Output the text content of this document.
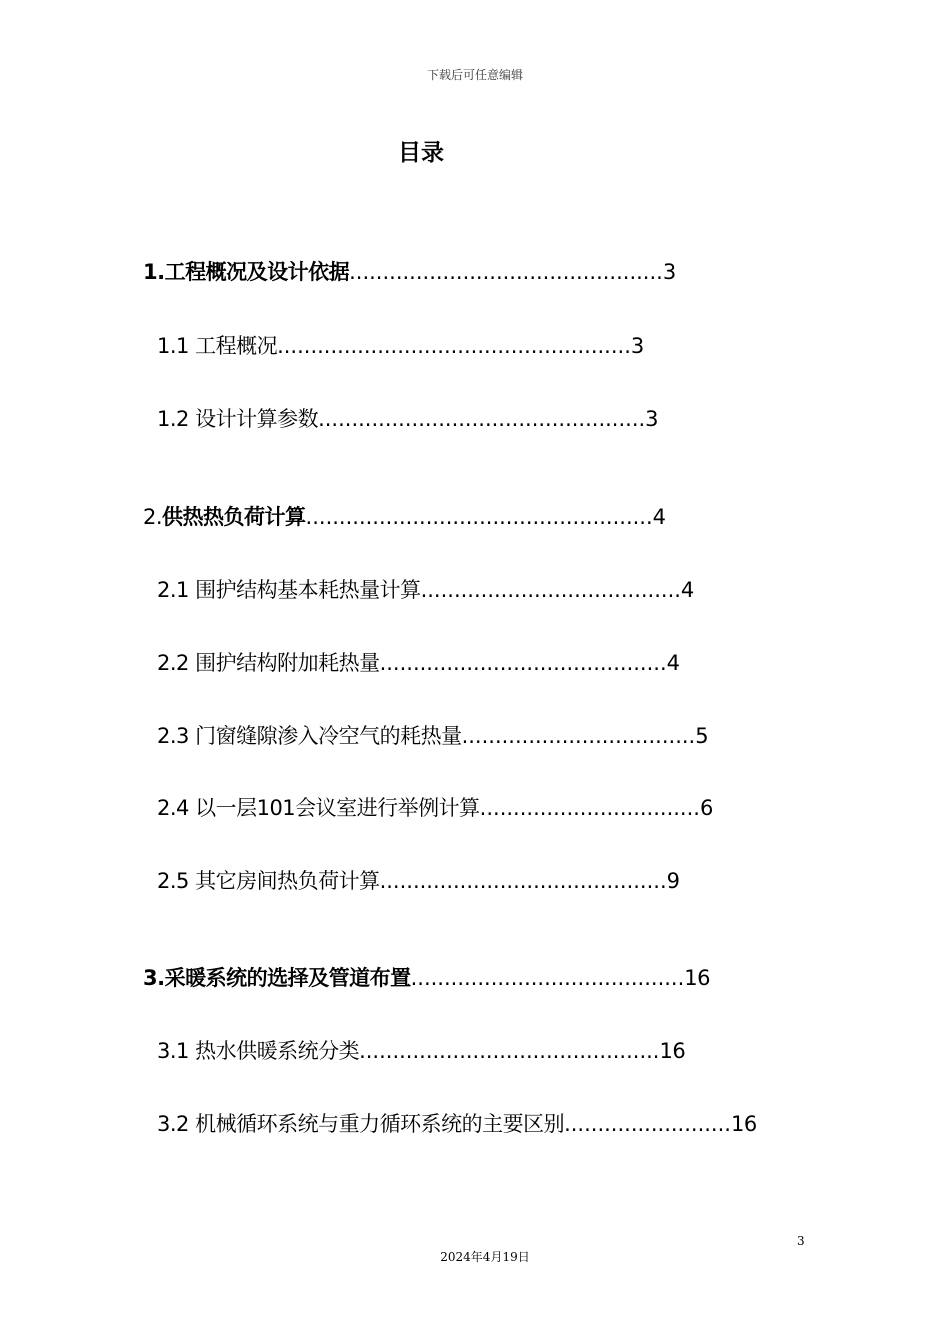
下载后可任意编辑
目录
1.工程概况及设计依据...............................................3
1.1 工程概况.....................................................3
1.2 设计计算参数.................................................3
2.供热热负荷计算....................................................4
2.1 围护结构基本耗热量计算.......................................4
2.2 围护结构附加耗热量...........................................4
2.3 门窗缝隙渗入冷空气的耗热量...................................5
2.4 以一层101会议室进行举例计算.................................6
2.5 其它房间热负荷计算...........................................9
3.采暖系统的选择及管道布置.........................................16
3.1 热水供暖系统分类.............................................16
3.2 机械循环系统与重力循环系统的主要区别.........................16
3
2024年4月19日
